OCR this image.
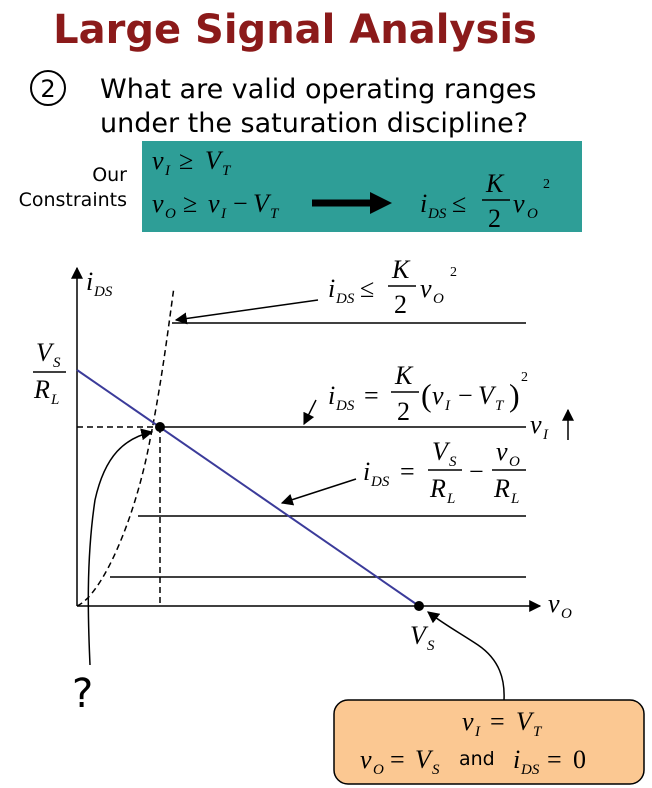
Large Signal Analysis
2 What are valid operating ranges
under the saturation discipline?
Our
Constraints
v I ≥ V T
v O ≥ v I − V T	i DS ≤
K
2
v O
2
i DS
v O
V S
R L
V S
v I
i DS ≤
K
2
v O
2
i DS =
K
2 ( v I − V T ) 2
i DS =
V S
R L
−
v O
R L
?
v I = V T
v O = V S and i DS = 0
